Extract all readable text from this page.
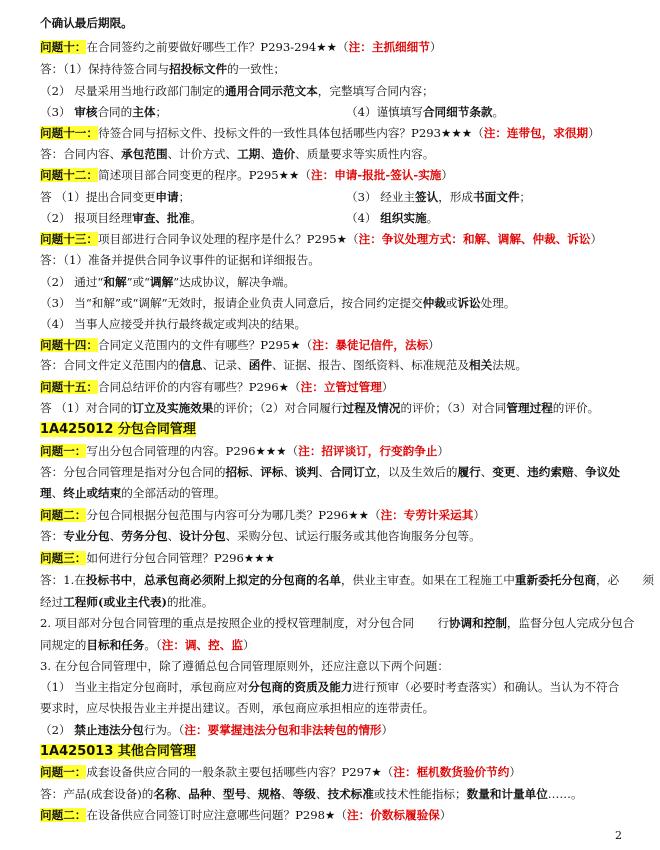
个确认最后期限。
问题十：在合同签约之前要做好哪些工作？P293-294★★（注：主抓细细节）
答：（1）保持待签合同与招投标文件的一致性；
（2） 尽量采用当地行政部门制定的通用合同示范文本，完整填写合同内容；
（3） 审核合同的主体；	（4）谨慎填写合同细节条款。
问题十一：待签合同与招标文件、投标文件的一致性具体包括哪些内容？P293★★★（注：连带包，求很期）
答：合同内容、承包范围、计价方式、工期、造价、质量要求等实质性内容。
问题十二：简述项目部合同变更的程序。P295★★（注：申请-报批-签认-实施）
答 （1）提出合同变更申请；	（3） 经业主签认，形成书面文件；
（2） 报项目经理审查、批准。	（4） 组织实施。
问题十三：项目部进行合同争议处理的程序是什么？P295★（注：争议处理方式：和解、调解、仲裁、诉讼）
答：（1）准备并提供合同争议事件的证据和详细报告。
（2） 通过“和解”或“调解”达成协议，解决争端。
（3） 当“和解”或“调解”无效时，报请企业负责人同意后，按合同约定提交仲裁或诉讼处理。
（4） 当事人应接受并执行最终裁定或判决的结果。
问题十四：合同定义范围内的文件有哪些？P295★（注：暴徒记信件，法标）
答：合同文件定义范围内的信息、记录、函件、证据、报告、图纸资料、标准规范及相关法规。
问题十五：合同总结评价的内容有哪些？P296★（注：立管过管理）
答 （1）对合同的订立及实施效果的评价；（2）对合同履行过程及情况的评价；（3）对合同管理过程的评价。
1A425012 分包合同管理
问题一：写出分包合同管理的内容。P296★★★（注：招评谈订，行变韵争止）
答：分包合同管理是指对分包合同的招标、评标、谈判、合同订立，以及生效后的履行、变更、违约索赔、争议处
理、终止或结束的全部活动的管理。
问题二：分包合同根据分包范围与内容可分为哪几类？P296★★（注：专劳计采运其）
答：专业分包、劳务分包、设计分包、采购分包、试运行服务或其他咨询服务分包等。
问题三：如何进行分包合同管理？P296★★★
答：1.在投标书中，总承包商必须附上拟定的分包商的名单，供业主审查。如果在工程施工中重新委托分包商，必　　须
经过工程师(或业主代表)的批准。
2. 项目部对分包合同管理的重点是按照企业的授权管理制度，对分包合同　　行协调和控制，监督分包人完成分包合
同规定的目标和任务。（注：调、控、监）
3. 在分包合同管理中，除了遵循总包合同管理原则外，还应注意以下两个问题：
（1） 当业主指定分包商时，承包商应对分包商的资质及能力进行预审（必要时考查落实）和确认。当认为不符合
要求时，应尽快报告业主并提出建议。否则，承包商应承担相应的连带责任。
（2） 禁止违法分包行为。（注：要掌握违法分包和非法转包的情形）
1A425013 其他合同管理
问题一：成套设备供应合同的一般条款主要包括哪些内容？P297★（注：框机数货验价节约）
答：产品(成套设备)的名称、品种、型号、规格、等级、技术标准或技术性能指标；数量和计量单位……。
问题二：在设备供应合同签订时应注意哪些问题？P298★（注：价数标履验保）
2
